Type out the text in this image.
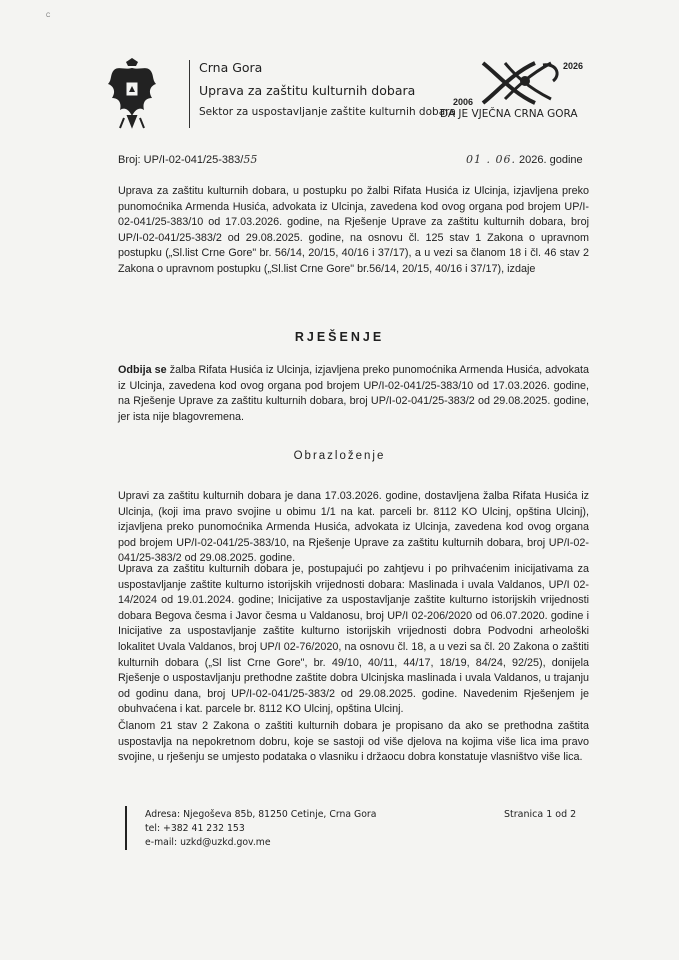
C
Crna Gora
Uprava za zaštitu kulturnih dobara
Sektor za uspostavljanje zaštite kulturnih dobara
2026
2006
DA JE VJEČNA CRNA GORA
Broj: UP/I-02-041/25-383/55	01 . 06. 2026. godine
Uprava za zaštitu kulturnih dobara, u postupku po žalbi Rifata Husića iz Ulcinja, izjavljena preko punomoćnika Armenda Husića, advokata iz Ulcinja, zavedena kod ovog organa pod brojem UP/I-02-041/25-383/10 od 17.03.2026. godine, na Rješenje Uprave za zaštitu kulturnih dobara, broj UP/I-02-041/25-383/2 od 29.08.2025. godine, na osnovu čl. 125 stav 1 Zakona o upravnom postupku („Sl.list Crne Gore" br. 56/14, 20/15, 40/16 i 37/17), a u vezi sa članom 18 i čl. 46 stav 2 Zakona o upravnom postupku („Sl.list Crne Gore" br.56/14, 20/15, 40/16 i 37/17), izdaje
RJEŠENJE
Odbija se žalba Rifata Husića iz Ulcinja, izjavljena preko punomoćnika Armenda Husića, advokata iz Ulcinja, zavedena kod ovog organa pod brojem UP/I-02-041/25-383/10 od 17.03.2026. godine, na Rješenje Uprave za zaštitu kulturnih dobara, broj UP/I-02-041/25-383/2 od 29.08.2025. godine, jer ista nije blagovremena.
Obrazloženje
Upravi za zaštitu kulturnih dobara je dana 17.03.2026. godine, dostavljena žalba Rifata Husića iz Ulcinja, (koji ima pravo svojine u obimu 1/1 na kat. parceli br. 8112 KO Ulcinj, opština Ulcinj), izjavljena preko punomoćnika Armenda Husića, advokata iz Ulcinja, zavedena kod ovog organa pod brojem UP/I-02-041/25-383/10, na Rješenje Uprave za zaštitu kulturnih dobara, broj UP/I-02-041/25-383/2 od 29.08.2025. godine.
Uprava za zaštitu kulturnih dobara je, postupajući po zahtjevu i po prihvaćenim inicijativama za uspostavljanje zaštite kulturno istorijskih vrijednosti dobara: Maslinada i uvala Valdanos, UP/I 02-14/2024 od 19.01.2024. godine; Inicijative za uspostavljanje zaštite kulturno istorijskih vrijednosti dobara Begova česma i Javor česma u Valdanosu, broj UP/I 02-206/2020 od 06.07.2020. godine i Inicijative za uspostavljanje zaštite kulturno istorijskih vrijednosti dobra Podvodni arheološki lokalitet Uvala Valdanos, broj UP/I 02-76/2020, na osnovu čl. 18, a u vezi sa čl. 20 Zakona o zaštiti kulturnih dobara („Sl list Crne Gore", br. 49/10, 40/11, 44/17, 18/19, 84/24, 92/25), donijela Rješenje o uspostavljanju prethodne zaštite dobra Ulcinjska maslinada i uvala Valdanos, u trajanju od godinu dana, broj UP/I-02-041/25-383/2 od 29.08.2025. godine. Navedenim Rješenjem je obuhvaćena i kat. parcele br. 8112 KO Ulcinj, opština Ulcinj.
Članom 21 stav 2 Zakona o zaštiti kulturnih dobara je propisano da ako se prethodna zaštita uspostavlja na nepokretnom dobru, koje se sastoji od više djelova na kojima više lica ima pravo svojine, u rješenju se umjesto podataka o vlasniku i držaocu dobra konstatuje vlasništvo više lica.
Adresa: Njegoševa 85b, 81250 Cetinje, Crna Gora
tel: +382 41 232 153
e-mail: uzkd@uzkd.gov.me
Stranica 1 od 2
